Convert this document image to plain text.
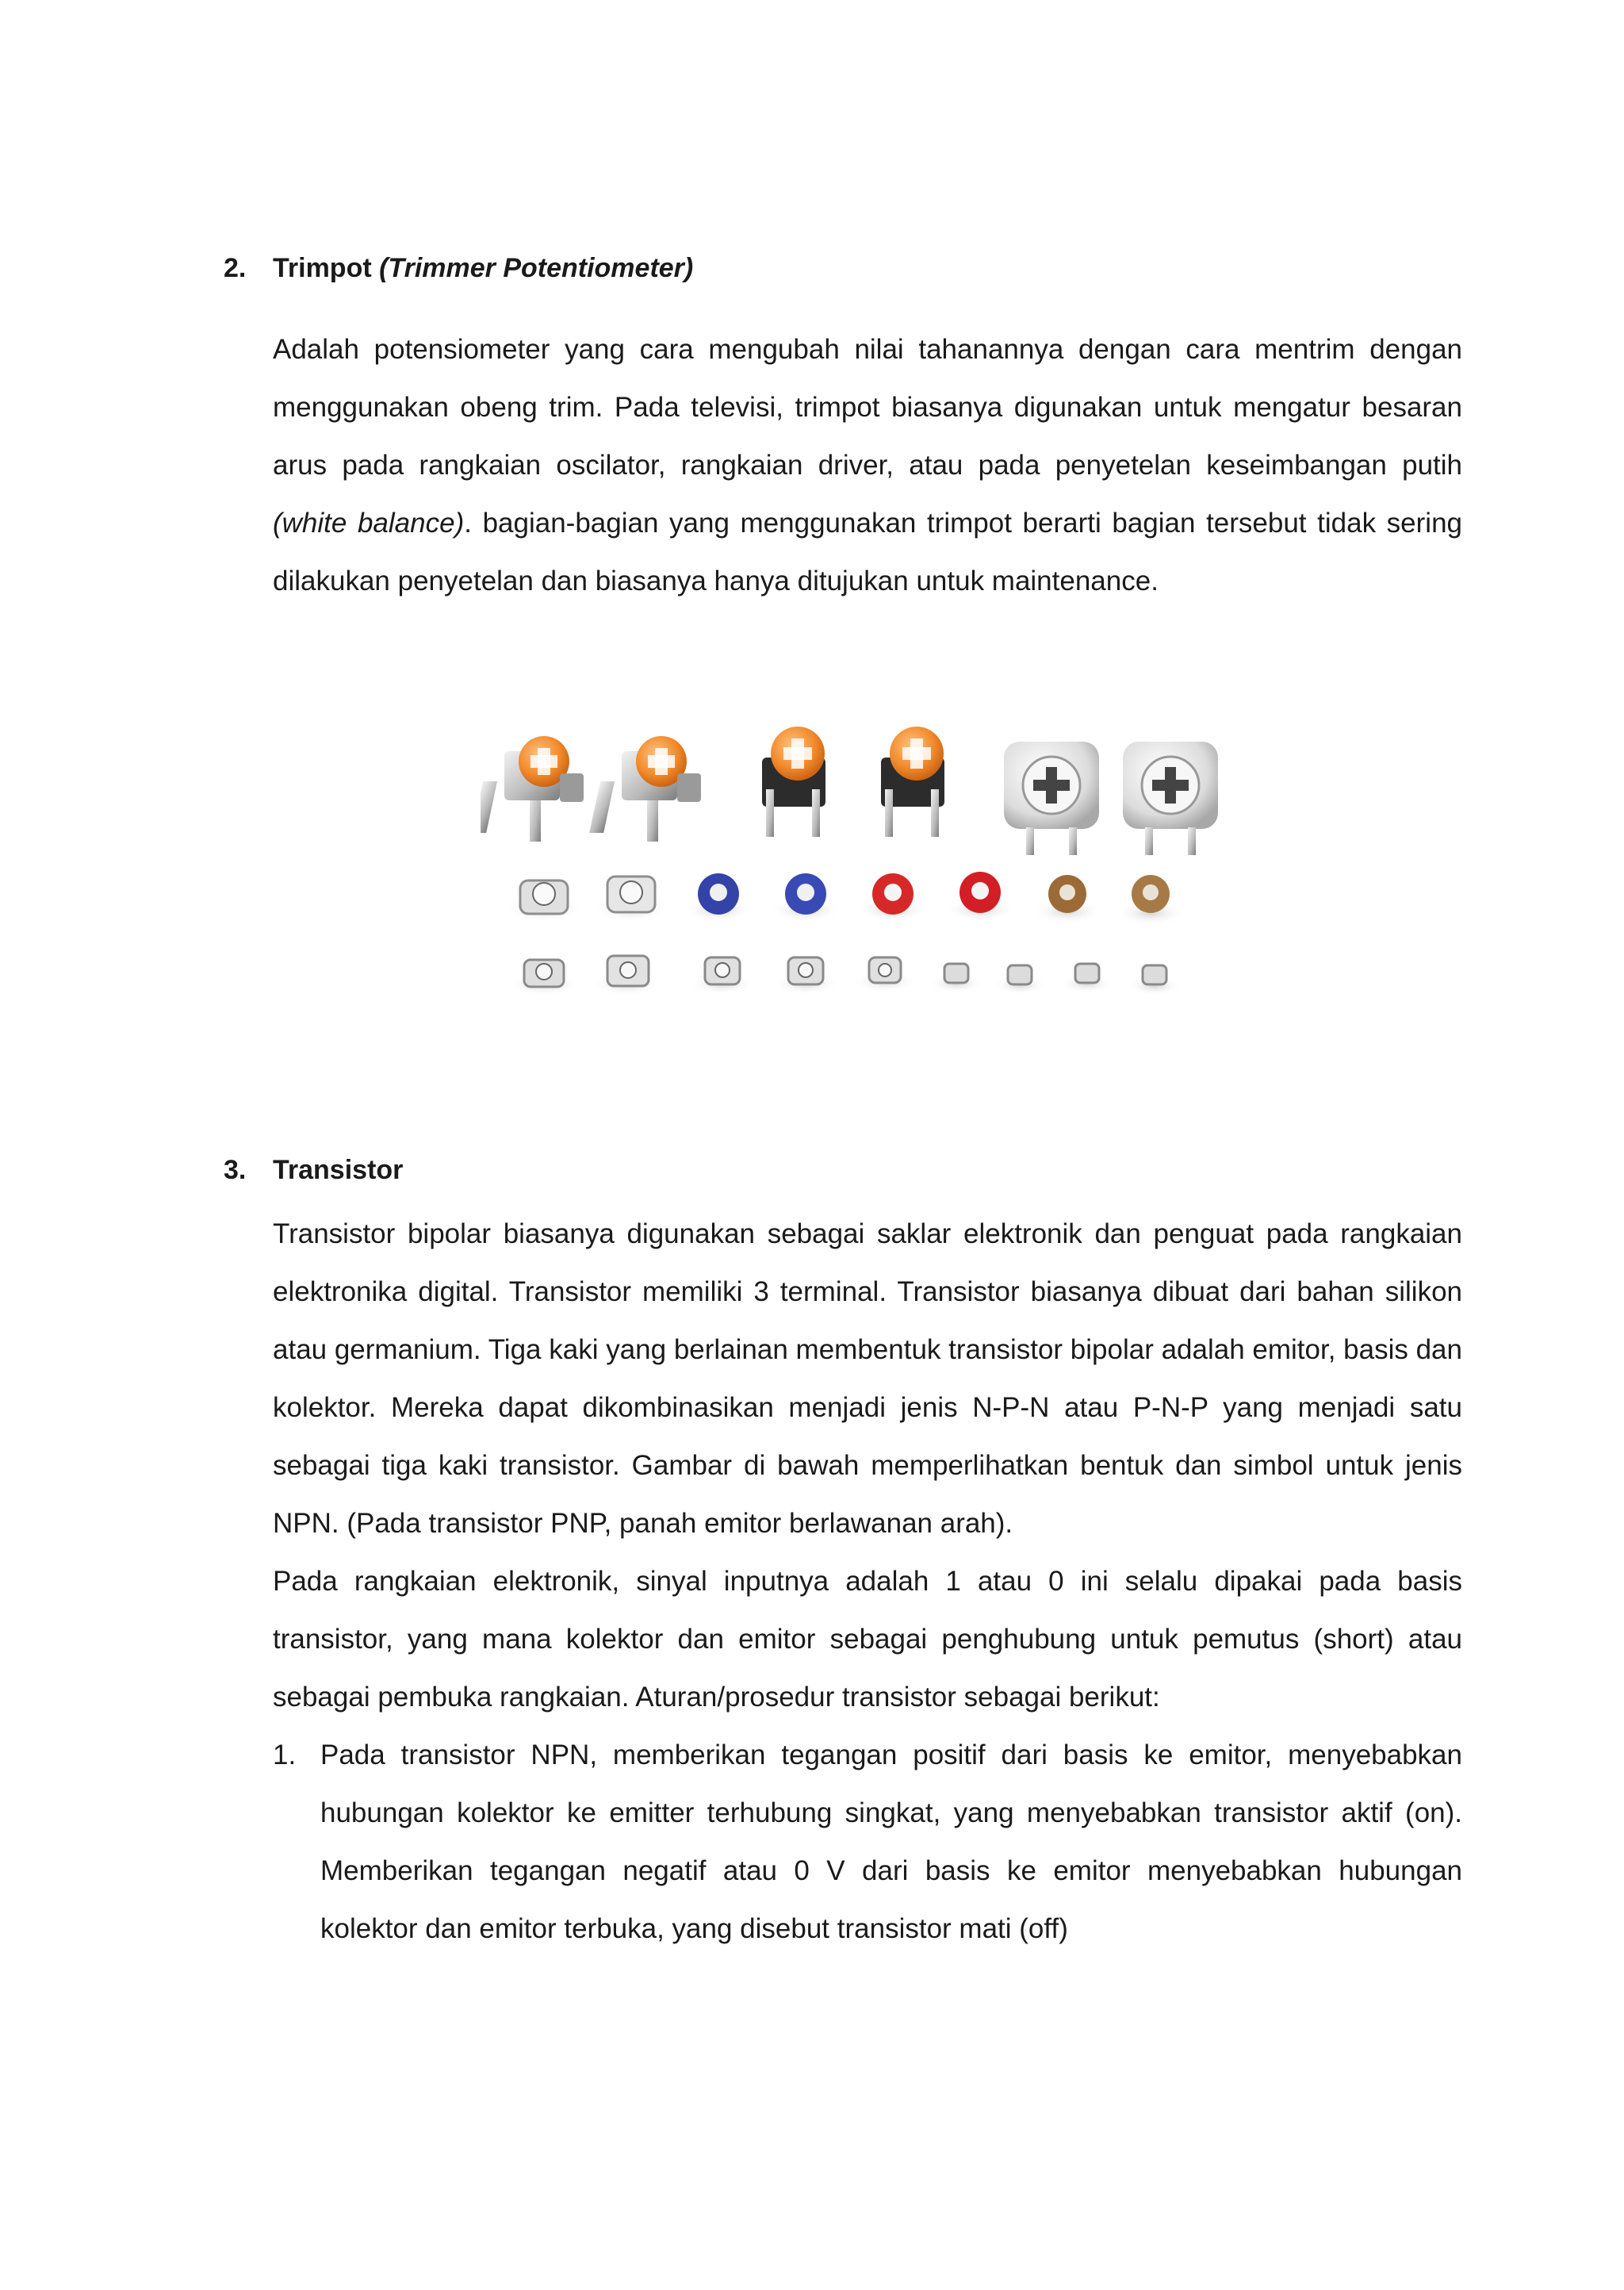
2. Trimpot (Trimmer Potentiometer)

Adalah potensiometer yang cara mengubah nilai tahanannya dengan cara mentrim dengan menggunakan obeng trim. Pada televisi, trimpot biasanya digunakan untuk mengatur besaran arus pada rangkaian oscilator, rangkaian driver, atau pada penyetelan keseimbangan putih (white balance). bagian-bagian yang menggunakan trimpot berarti bagian tersebut tidak sering dilakukan penyetelan dan biasanya hanya ditujukan untuk maintenance.

3. Transistor

Transistor bipolar biasanya digunakan sebagai saklar elektronik dan penguat pada rangkaian elektronika digital. Transistor memiliki 3 terminal. Transistor biasanya dibuat dari bahan silikon atau germanium. Tiga kaki yang berlainan membentuk transistor bipolar adalah emitor, basis dan kolektor. Mereka dapat dikombinasikan menjadi jenis N-P-N atau P-N-P yang menjadi satu sebagai tiga kaki transistor. Gambar di bawah memperlihatkan bentuk dan simbol untuk jenis NPN. (Pada transistor PNP, panah emitor berlawanan arah).

Pada rangkaian elektronik, sinyal inputnya adalah 1 atau 0 ini selalu dipakai pada basis transistor, yang mana kolektor dan emitor sebagai penghubung untuk pemutus (short) atau sebagai pembuka rangkaian. Aturan/prosedur transistor sebagai berikut:

1. Pada transistor NPN, memberikan tegangan positif dari basis ke emitor, menyebabkan hubungan kolektor ke emitter terhubung singkat, yang menyebabkan transistor aktif (on). Memberikan tegangan negatif atau 0 V dari basis ke emitor menyebabkan hubungan kolektor dan emitor terbuka, yang disebut transistor mati (off)
